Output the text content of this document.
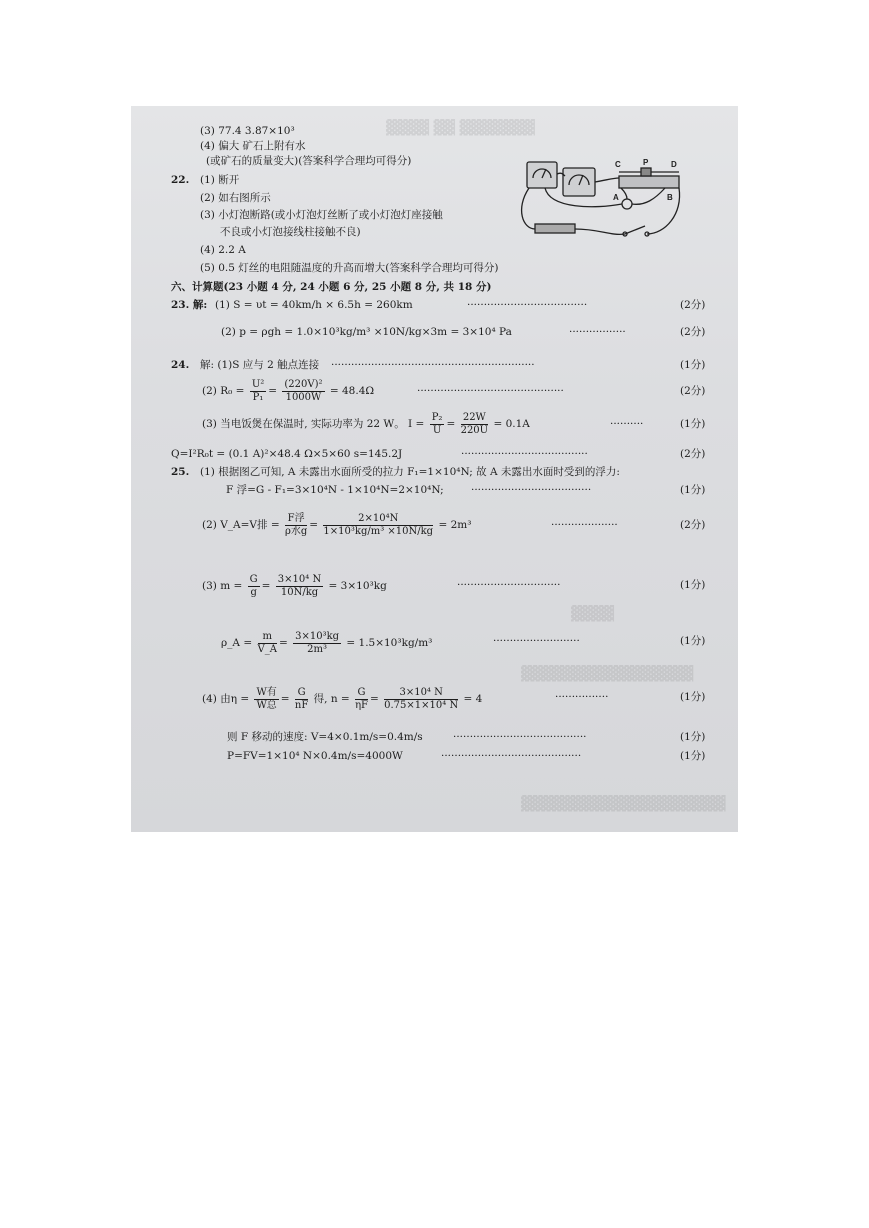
▓▓▓▓ ▓▓ ▓▓▓▓▓▓▓
▓▓▓▓
▓▓▓▓▓▓▓▓▓▓▓▓▓▓▓▓
▓▓▓▓▓▓▓▓▓▓▓▓▓▓▓▓▓▓▓
C	P	D
A	B
(3) 77.4 3.87×10³
(4) 偏大 矿石上附有水
(或矿石的质量变大)(答案科学合理均可得分)
22. (1) 断开
(2) 如右图所示
(3) 小灯泡断路(或小灯泡灯丝断了或小灯泡灯座接触
不良或小灯泡接线柱接触不良)
(4) 2.2 A
(5) 0.5 灯丝的电阻随温度的升高而增大(答案科学合理均可得分)
六、计算题(23 小题 4 分, 24 小题 6 分, 25 小题 8 分, 共 18 分)
23. 解: (1) S = υt = 40km/h × 6.5h = 260km	····································	(2分)
(2) p = ρgh = 1.0×10³kg/m³ ×10N/kg×3m = 3×10⁴ Pa	·················	(2分)
24. 解: (1)S 应与 2 触点连接 ·····························································	(1分)
(2) $R_0 = \frac{\text{U²}}{\text{P₁}} = \frac{\text{(220V)²}}{1000W} = 48.4\Omega$	············································	(2分)
(3) 当电饭煲在保温时, 实际功率为 22 W。 $I = \frac{\text{P₂}}{U} = \frac{22W}{220U} = 0.1A$	··········	(1分)
Q=I²R₀t = (0.1 A)²×48.4 Ω×5×60 s=145.2J	······································	(2分)
25. (1) 根据图乙可知, A 未露出水面所受的拉力 F₁=1×10⁴N; 故 A 未露出水面时受到的浮力:
F 浮=G - F₁=3×10⁴N - 1×10⁴N=2×10⁴N;	····································	(1分)
(2) V_A=V排 = $\frac{\text{F浮}}{\text{ρ水g}} = \frac{\text{2×10⁴N}}{\text{1×10³kg/m³ ×10N/kg}} = 2m^3$	····················	(2分)
(3) $m = \frac{G}{g} = \frac{\text{3×10⁴ N}}{10N/kg} = 3\times 10^3kg$	·······························	(1分)
ρ_A = $\frac{m}{V\_A} = \frac{\text{3×10³kg}}{\text{2m³}} = 1.5\times 10^3kg/m^3$	··························	(1分)
(4) 由$\eta = \frac{\text{W有}}{\text{W总}} = \frac{G}{nF}$ 得, $n = \frac{G}{\eta F} = \frac{\text{3×10⁴ N}}{\text{0.75×1×10⁴ N}} = 4$	················	(1分)
则 F 移动的速度: V=4×0.1m/s=0.4m/s	········································	(1分)
P=FV=1×10⁴ N×0.4m/s=4000W	··········································	(1分)
